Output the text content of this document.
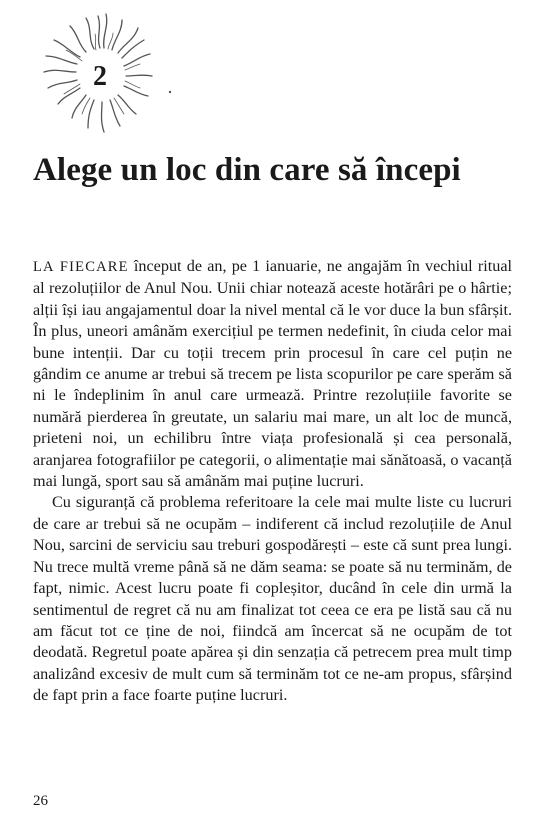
2
Alege un loc din care să începi

LA FIECARE început de an, pe 1 ianuarie, ne angajăm în vechiul ritual al rezoluțiilor de Anul Nou. Unii chiar notează aceste hotărâri pe o hârtie; alții își iau angajamentul doar la nivel mental că le vor duce la bun sfârșit. În plus, uneori amânăm exercițiul pe termen nedefinit, în ciuda celor mai bune intenții. Dar cu toții trecem prin procesul în care cel puțin ne gândim ce anume ar trebui să trecem pe lista scopurilor pe care sperăm să ni le îndeplinim în anul care urmează. Printre rezoluțiile favorite se numără pierderea în greutate, un salariu mai mare, un alt loc de muncă, prieteni noi, un echilibru între viața profesională și cea personală, aranjarea fotografiilor pe categorii, o alimentație mai sănătoasă, o vacanță mai lungă, sport sau să amânăm mai puține lucruri.

Cu siguranță că problema referitoare la cele mai multe liste cu lucruri de care ar trebui să ne ocupăm – indiferent că includ rezoluțiile de Anul Nou, sarcini de serviciu sau treburi gospodărești – este că sunt prea lungi. Nu trece multă vreme până să ne dăm seama: se poate să nu terminăm, de fapt, nimic. Acest lucru poate fi copleșitor, ducând în cele din urmă la sentimentul de regret că nu am finalizat tot ceea ce era pe listă sau că nu am făcut tot ce ține de noi, fiindcă am încercat să ne ocupăm de tot deodată. Regretul poate apărea și din senzația că petrecem prea mult timp analizând excesiv de mult cum să terminăm tot ce ne-am propus, sfârșind de fapt prin a face foarte puține lucruri.

26
